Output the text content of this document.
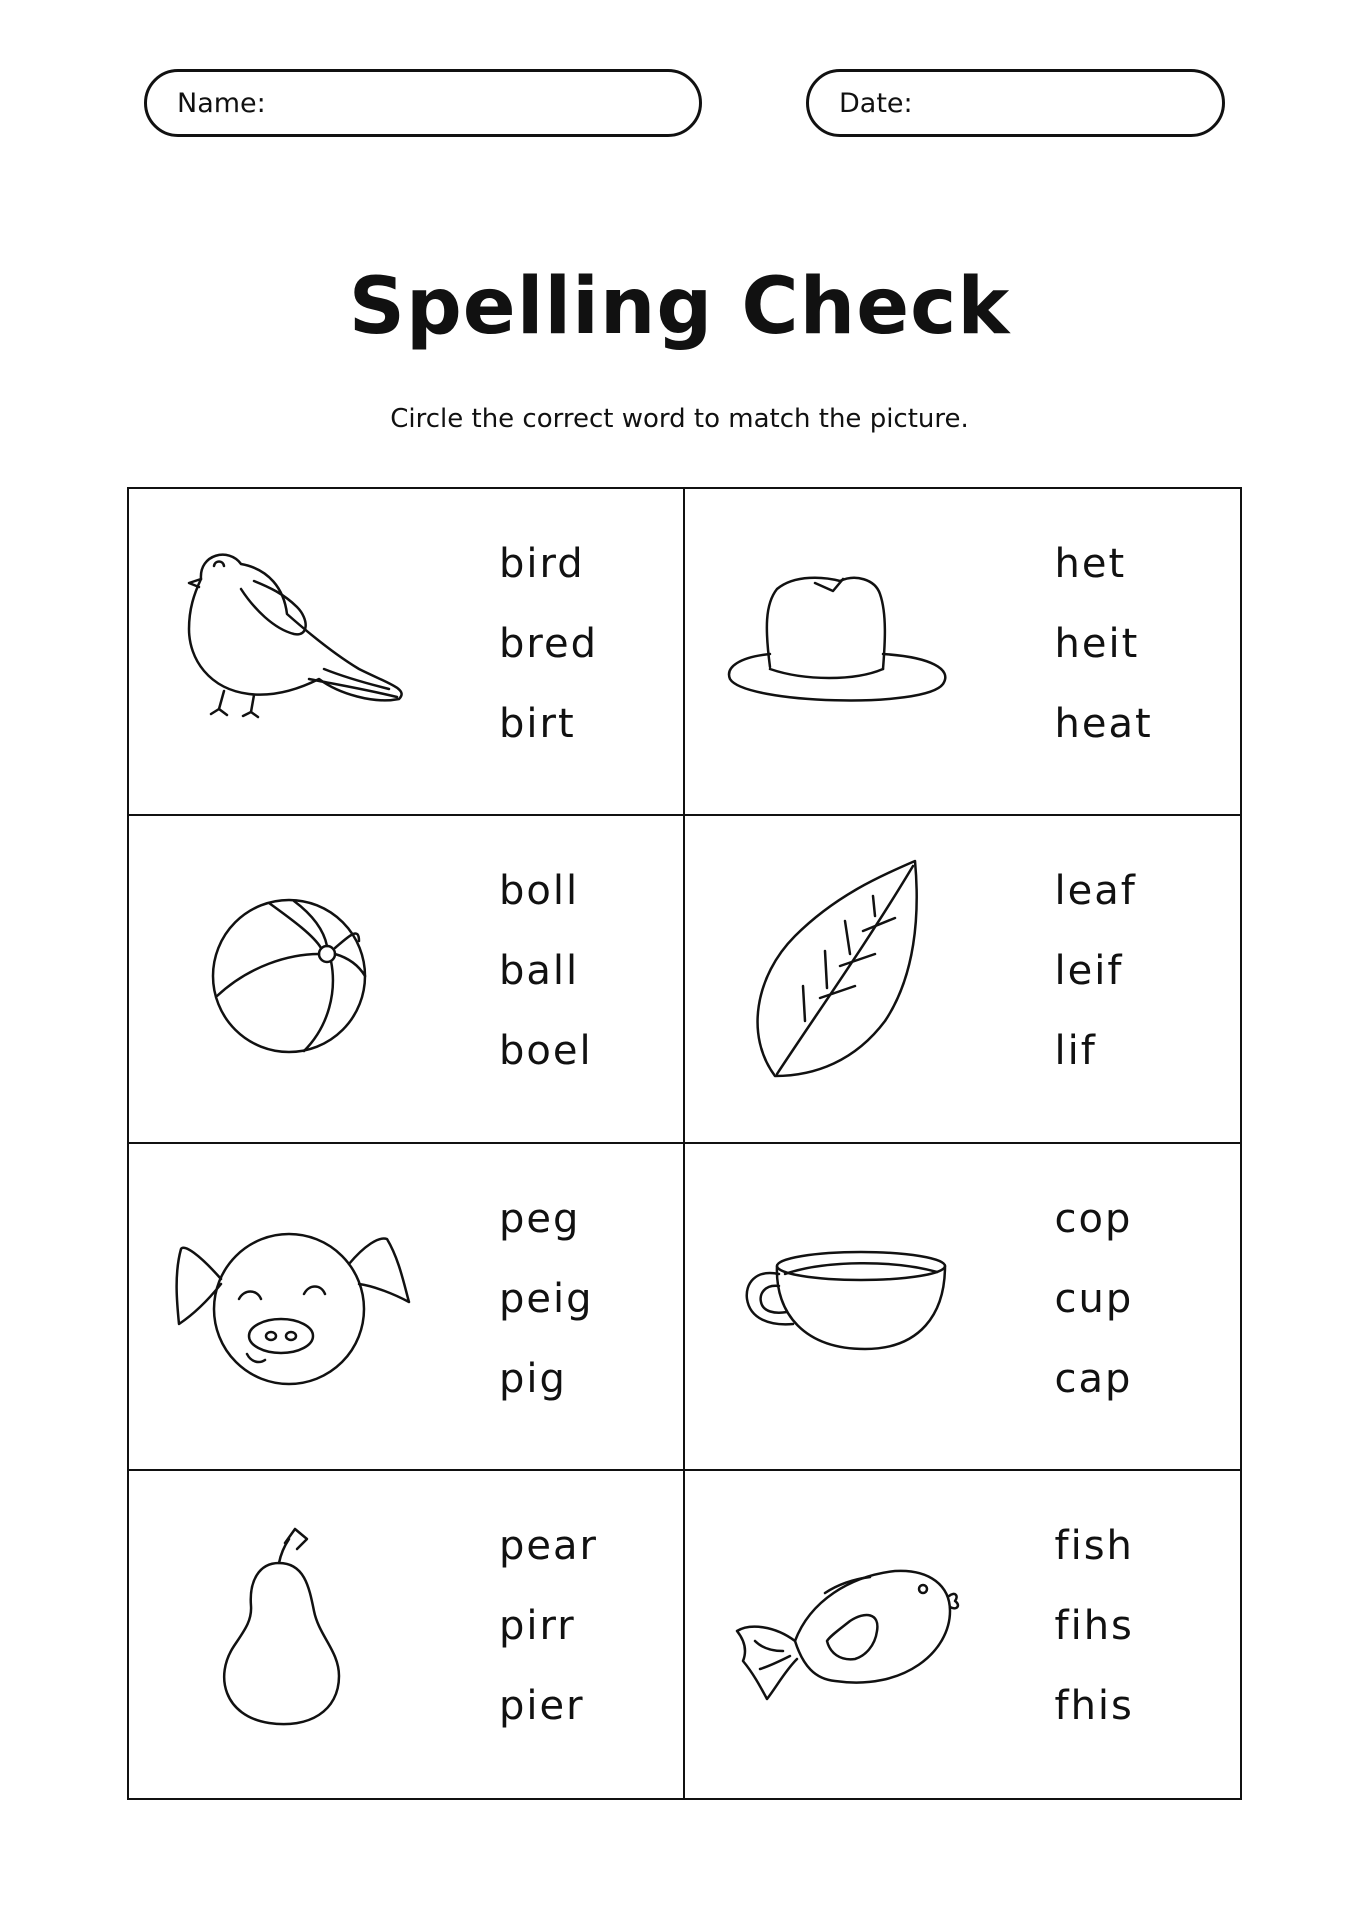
Name:	Date:
Spelling Check
Circle the correct word to match the picture.
bird
bred
birt
het
heit
heat
boll
ball
boel
leaf
leif
lif
peg
peig
pig
cop
cup
cap
pear
pirr
pier
fish
fihs
fhis
